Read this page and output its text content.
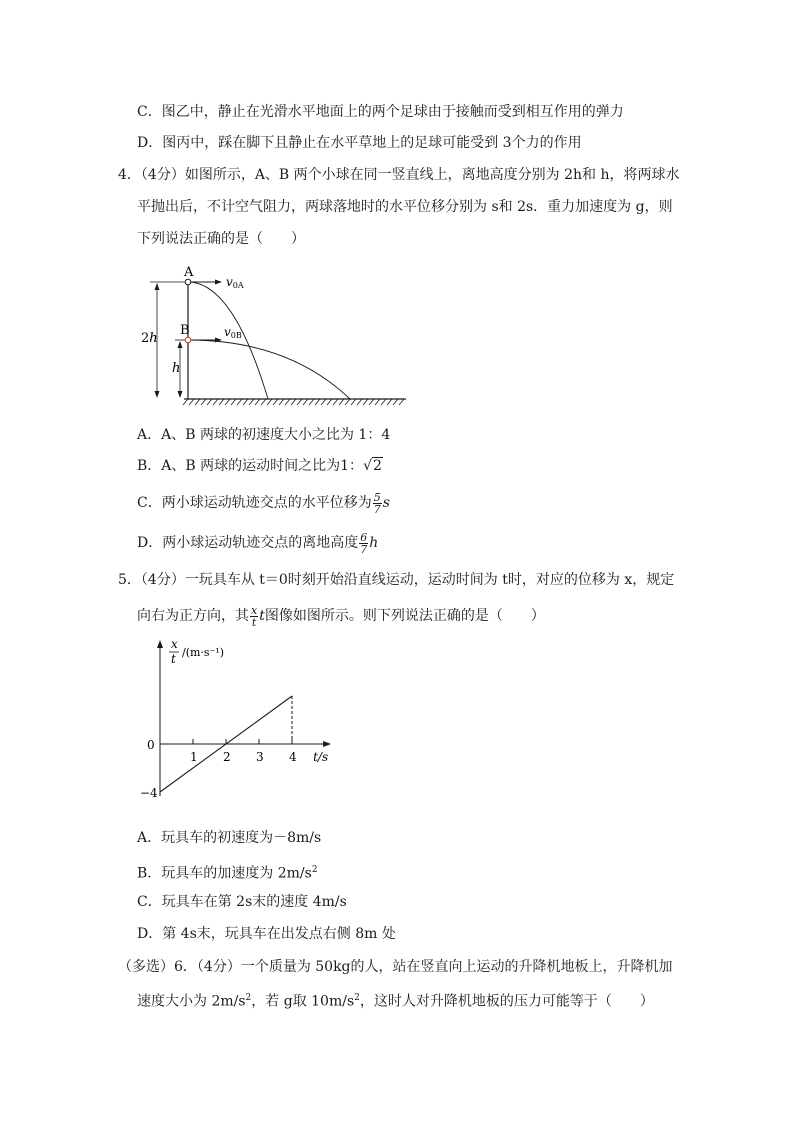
C．图乙中，静止在光滑水平地面上的两个足球由于接触而受到相互作用的弹力
D．图丙中，踩在脚下且静止在水平草地上的足球可能受到 3个力的作用
4．（4分）如图所示，A、B 两个小球在同一竖直线上，离地高度分别为 2h和 h，将两球水
平抛出后，不计空气阻力，两球落地时的水平位移分别为 s和 2s．重力加速度为 g，则
下列说法正确的是（　　）
A
B
v0A
v0B
2h
h
A．A、B 两球的初速度大小之比为 1：4
B．A、B 两球的运动时间之比为1：√2
C．两小球运动轨迹交点的水平位移为 $\frac{5}{7}$ s
D．两小球运动轨迹交点的离地高度 $\frac{6}{7}$ h
5．（4分）一玩具车从 t＝0时刻开始沿直线运动，运动时间为 t时，对应的位移为 x，规定
向右为正方向，其 $\frac{x}{t}$ t图像如图所示。则下列说法正确的是（　　）
x
t /(m·s⁻¹)
0
−4
1 2 3 4 t/s
A．玩具车的初速度为－8m/s
B．玩具车的加速度为 $2m/s^2$
C．玩具车在第 2s末的速度 4m/s
D．第 4s末，玩具车在出发点右侧 8m 处
（多选）6．（4分）一个质量为 50kg的人，站在竖直向上运动的升降机地板上，升降机加
速度大小为 $2m/s^2$，若 g取 $10m/s^2$，这时人对升降机地板的压力可能等于（　　）
